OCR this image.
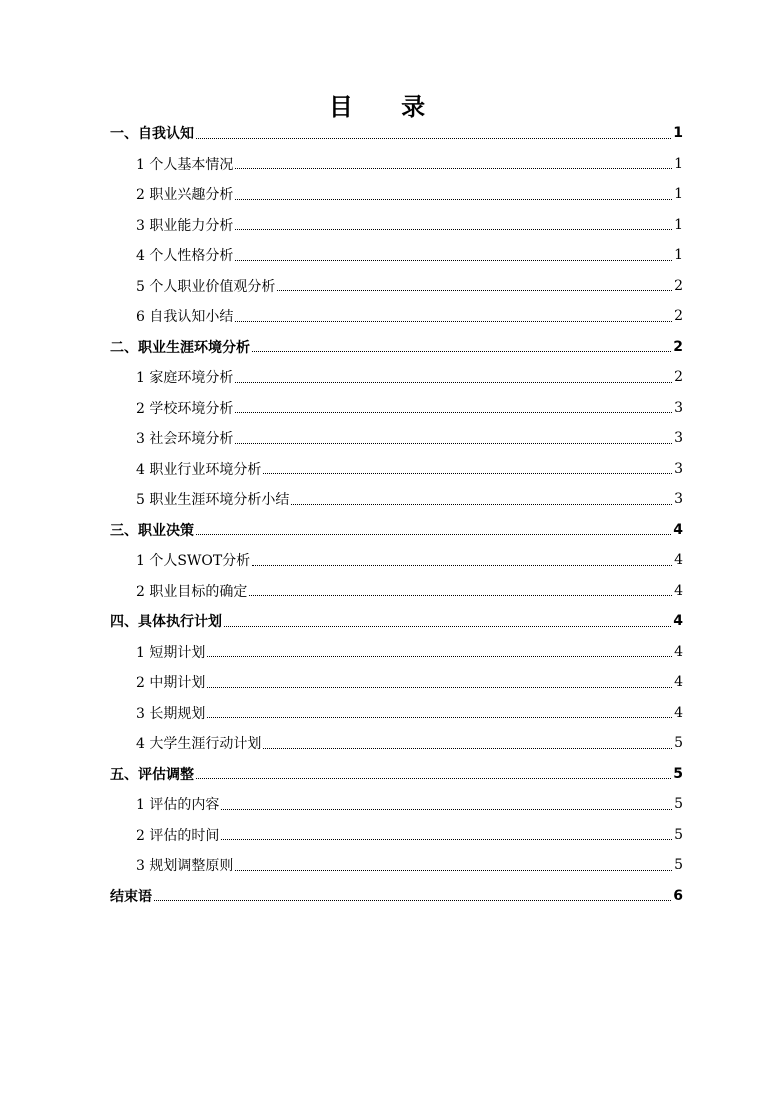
目 录
一、自我认知	1
1 个人基本情况	1
2 职业兴趣分析	1
3 职业能力分析	1
4 个人性格分析	1
5 个人职业价值观分析	2
6 自我认知小结	2
二、职业生涯环境分析	2
1 家庭环境分析	2
2 学校环境分析	3
3 社会环境分析	3
4 职业行业环境分析	3
5 职业生涯环境分析小结	3
三、职业决策	4
1 个人SWOT分析	4
2 职业目标的确定	4
四、具体执行计划	4
1 短期计划	4
2 中期计划	4
3 长期规划	4
4 大学生涯行动计划	5
五、评估调整	5
1 评估的内容	5
2 评估的时间	5
3 规划调整原则	5
结束语	6
